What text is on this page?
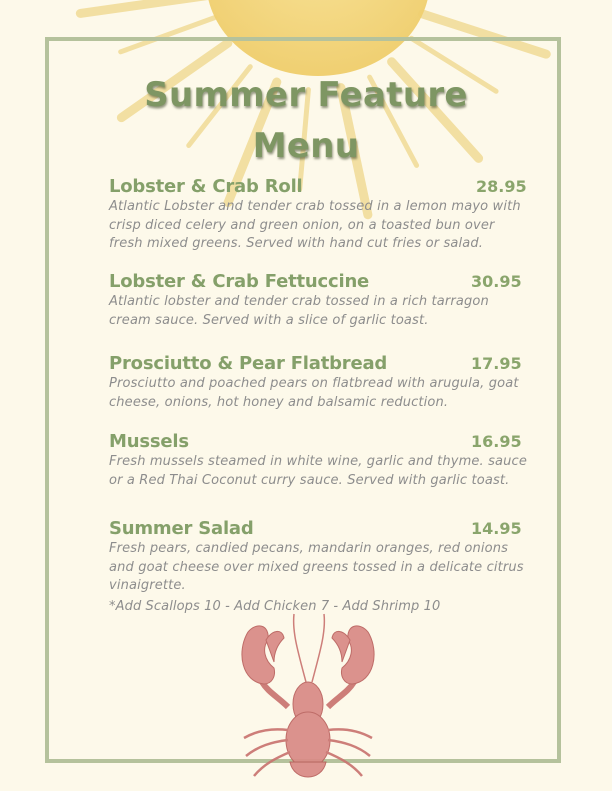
Summer Feature
Menu
Lobster & Crab Roll	28.95
Atlantic Lobster and tender crab tossed in a lemon mayo with crisp diced celery and green onion, on a toasted bun over fresh mixed greens. Served with hand cut fries or salad.
Lobster & Crab Fettuccine	30.95
Atlantic lobster and tender crab tossed in a rich tarragon cream sauce. Served with a slice of garlic toast.
Prosciutto & Pear Flatbread	17.95
Prosciutto and poached pears on flatbread with arugula, goat cheese, onions, hot honey and balsamic reduction.
Mussels	16.95
Fresh mussels steamed in white wine, garlic and thyme. sauce or a Red Thai Coconut curry sauce. Served with garlic toast.
Summer Salad	14.95
Fresh pears, candied pecans, mandarin oranges, red onions and goat cheese over mixed greens tossed in a delicate citrus vinaigrette.
*Add Scallops 10 - Add Chicken 7 - Add Shrimp 10
